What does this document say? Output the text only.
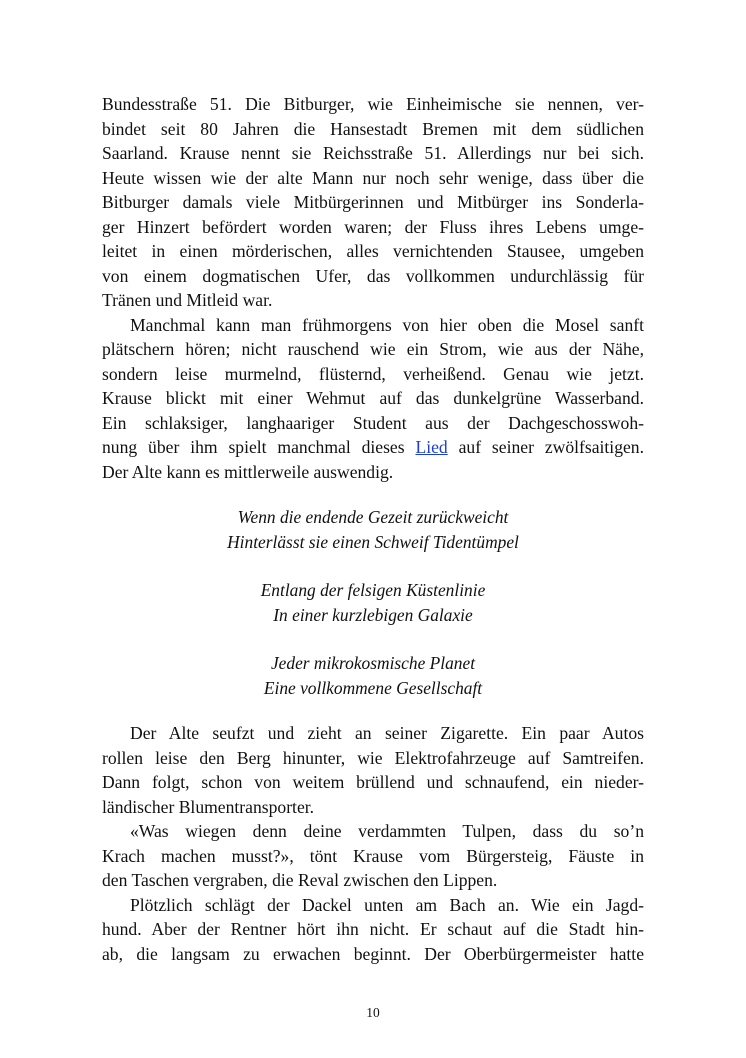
Bundesstraße 51. Die Bitburger, wie Einheimische sie nennen, ver-
bindet seit 80 Jahren die Hansestadt Bremen mit dem südlichen
Saarland. Krause nennt sie Reichsstraße 51. Allerdings nur bei sich.
Heute wissen wie der alte Mann nur noch sehr wenige, dass über die
Bitburger damals viele Mitbürgerinnen und Mitbürger ins Sonderla-
ger Hinzert befördert worden waren; der Fluss ihres Lebens umge-
leitet in einen mörderischen, alles vernichtenden Stausee, umgeben
von einem dogmatischen Ufer, das vollkommen undurchlässig für
Tränen und Mitleid war.
Manchmal kann man frühmorgens von hier oben die Mosel sanft
plätschern hören; nicht rauschend wie ein Strom, wie aus der Nähe,
sondern leise murmelnd, flüsternd, verheißend. Genau wie jetzt.
Krause blickt mit einer Wehmut auf das dunkelgrüne Wasserband.
Ein schlaksiger, langhaariger Student aus der Dachgeschosswoh-
nung über ihm spielt manchmal dieses Lied auf seiner zwölfsaitigen.
Der Alte kann es mittlerweile auswendig.
Wenn die endende Gezeit zurückweicht
Hinterlässt sie einen Schweif Tidentümpel
Entlang der felsigen Küstenlinie
In einer kurzlebigen Galaxie
Jeder mikrokosmische Planet
Eine vollkommene Gesellschaft
Der Alte seufzt und zieht an seiner Zigarette. Ein paar Autos
rollen leise den Berg hinunter, wie Elektrofahrzeuge auf Samtreifen.
Dann folgt, schon von weitem brüllend und schnaufend, ein nieder-
ländischer Blumentransporter.
«Was wiegen denn deine verdammten Tulpen, dass du so’n
Krach machen musst?», tönt Krause vom Bürgersteig, Fäuste in
den Taschen vergraben, die Reval zwischen den Lippen.
Plötzlich schlägt der Dackel unten am Bach an. Wie ein Jagd-
hund. Aber der Rentner hört ihn nicht. Er schaut auf die Stadt hin-
ab, die langsam zu erwachen beginnt. Der Oberbürgermeister hatte
10
